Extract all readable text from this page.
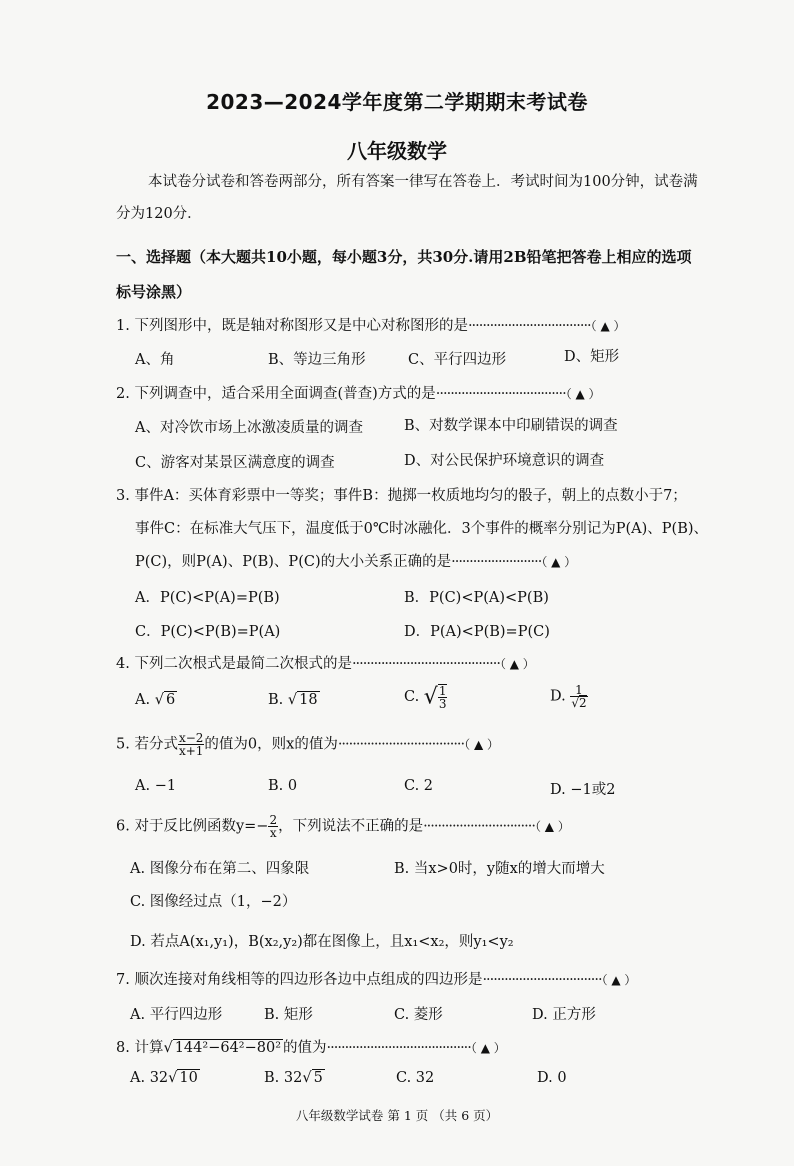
2023—2024学年度第二学期期末考试卷
八年级数学
本试卷分试卷和答卷两部分，所有答案一律写在答卷上．考试时间为100分钟，试卷满分为120分．
一、选择题（本大题共10小题，每小题3分，共30分.请用2B铅笔把答卷上相应的选项标号涂黑）
1. 下列图形中，既是轴对称图形又是中心对称图形的是··································（ ▲ ）
A、角	B、等边三角形	C、平行四边形	D、矩形
2. 下列调查中，适合采用全面调查(普查)方式的是····································（ ▲ ）
A、对冷饮市场上冰激凌质量的调查	B、对数学课本中印刷错误的调查
C、游客对某景区满意度的调查	D、对公民保护环境意识的调查
3. 事件A：买体育彩票中一等奖；事件B：抛掷一枚质地均匀的骰子，朝上的点数小于7；
事件C：在标准大气压下，温度低于0℃时冰融化．3个事件的概率分别记为P(A)、P(B)、
P(C)，则P(A)、P(B)、P(C)的大小关系正确的是·························（ ▲ ）
A．P(C)<P(A)=P(B)	B．P(C)<P(A)<P(B)
C．P(C)<P(B)=P(A)	D．P(A)<P(B)=P(C)
4. 下列二次根式是最简二次根式的是·········································（ ▲ ）
A. √ 6	B. √ 18	C. √ $\frac{1}{3}$	D. $\frac{1}{√2}$
5. 若分式 $\frac{x-2}{x+1}$ 的值为0，则x的值为···································（ ▲ ）
A. −1	B. 0	C. 2	D. −1或2
6. 对于反比例函数$y=- \frac{2}{x}$ ，下列说法不正确的是·······························（ ▲ ）
A. 图像分布在第二、四象限	B. 当x>0时，y随x的增大而增大
C. 图像经过点（1，−2）
D. 若点A(x₁,y₁)，B(x₂,y₂)都在图像上，且x₁<x₂，则y₁<y₂
7. 顺次连接对角线相等的四边形各边中点组成的四边形是·································（ ▲ ）
A. 平行四边形	B. 矩形	C. 菱形	D. 正方形
8. 计算√ 144²−64²−80² 的值为········································（ ▲ ）
A. 32√ 10	B. 32√ 5	C. 32	D. 0
八年级数学试卷 第 1 页 （共 6 页）
